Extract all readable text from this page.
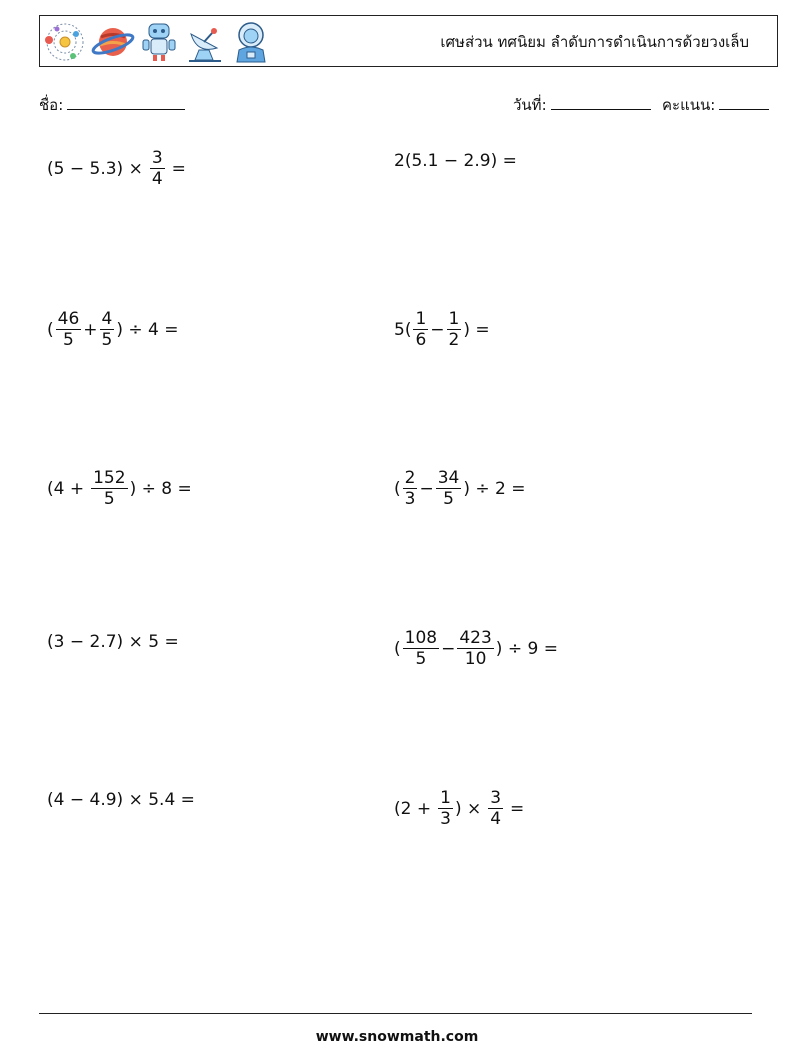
เศษส่วน ทศนิยม ลำดับการดำเนินการด้วยวงเล็บ
ชื่อ:	วันที่:	คะแนน:
$(5 - 5.3) \times \frac{3}{4}$ =	2(5.1 − 2.9) =
( $\frac{46}{5} + \frac{4}{5}$ ) ÷ 4 =	$5( \frac{1}{6} - \frac{1}{2}$ ) =
($4 + \frac{152}{5}$ ) ÷ 8 =	( $\frac{2}{3} - \frac{34}{5}$ ) ÷ 2 =
(3 − 2.7) × 5 =	( $\frac{108}{5} - \frac{423}{10}$ ) ÷ 9 =
(4 − 4.9) × 5.4 =	($2 + \frac{1}{3}$ ) × $\frac{3}{4}$ =
www.snowmath.com
